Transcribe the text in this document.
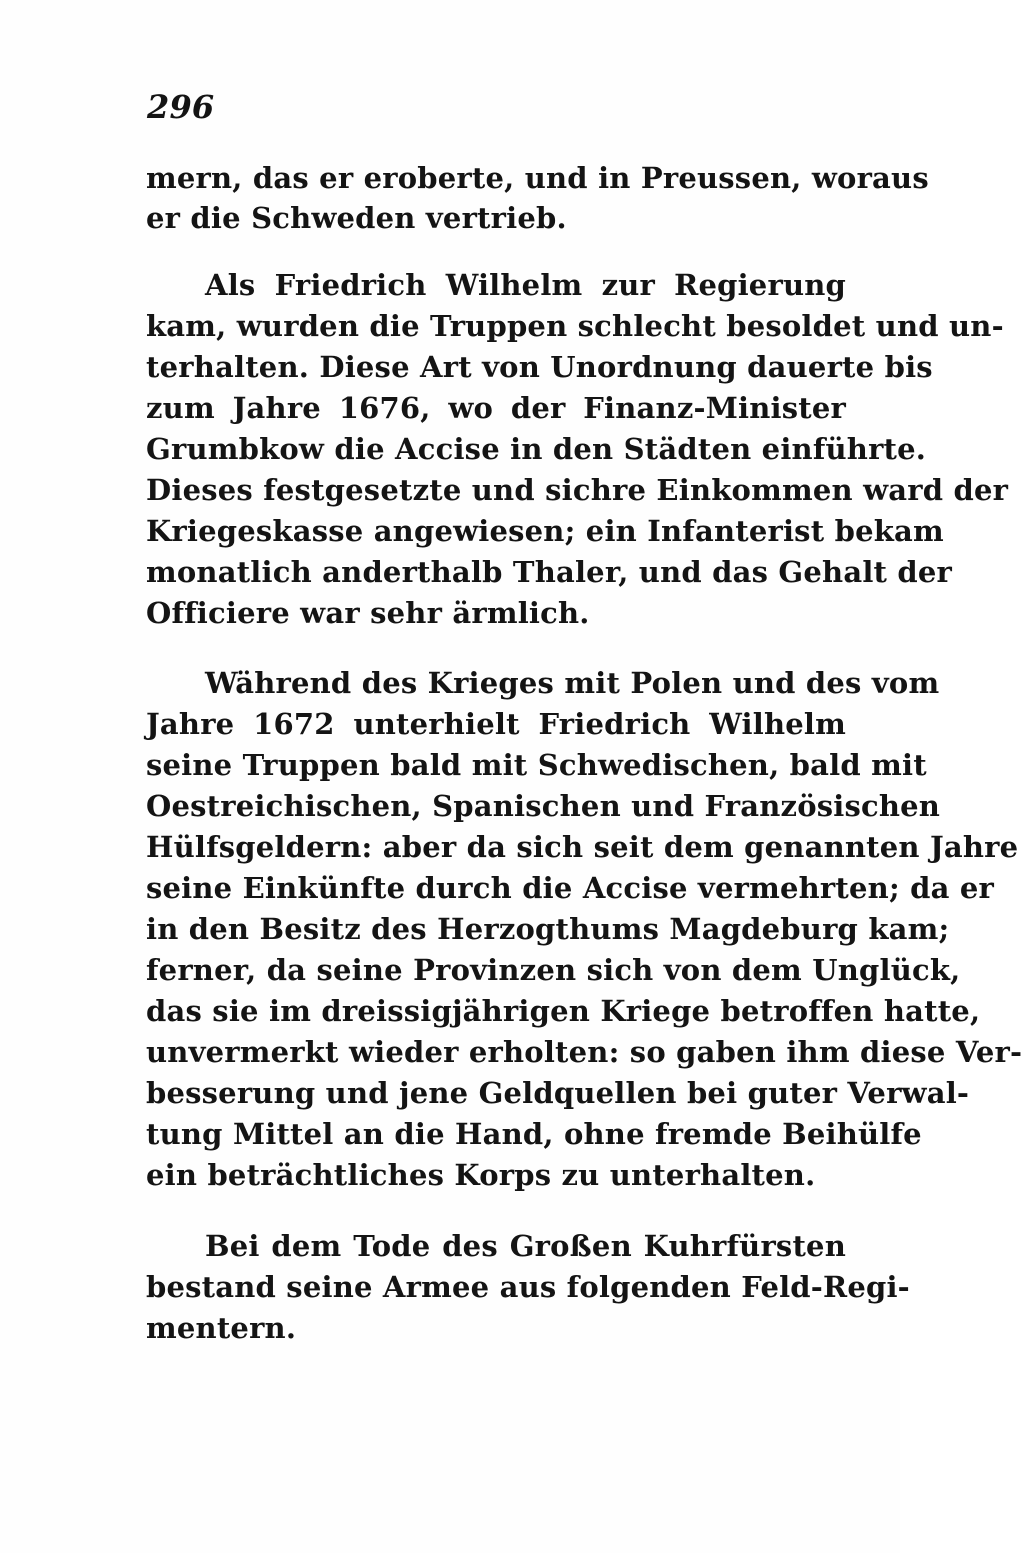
296
mern, das er eroberte, und in Preussen, woraus
er die Schweden vertrieb.
Als Friedrich Wilhelm zur Regierung
kam, wurden die Truppen schlecht besoldet und un-
terhalten. Diese Art von Unordnung dauerte bis
zum Jahre 1676, wo der Finanz-Minister
Grumbkow die Accise in den Städten einführte.
Dieses festgesetzte und sichre Einkommen ward der
Kriegeskasse angewiesen; ein Infanterist bekam
monatlich anderthalb Thaler, und das Gehalt der
Officiere war sehr ärmlich.
Während des Krieges mit Polen und des vom
Jahre 1672 unterhielt Friedrich Wilhelm
seine Truppen bald mit Schwedischen, bald mit
Oestreichischen, Spanischen und Französischen
Hülfsgeldern: aber da sich seit dem genannten Jahre
seine Einkünfte durch die Accise vermehrten; da er
in den Besitz des Herzogthums Magdeburg kam;
ferner, da seine Provinzen sich von dem Unglück,
das sie im dreissigjährigen Kriege betroffen hatte,
unvermerkt wieder erholten: so gaben ihm diese Ver-
besserung und jene Geldquellen bei guter Verwal-
tung Mittel an die Hand, ohne fremde Beihülfe
ein beträchtliches Korps zu unterhalten.
Bei dem Tode des Großen Kuhrfürsten
bestand seine Armee aus folgenden Feld-Regi-
mentern.
